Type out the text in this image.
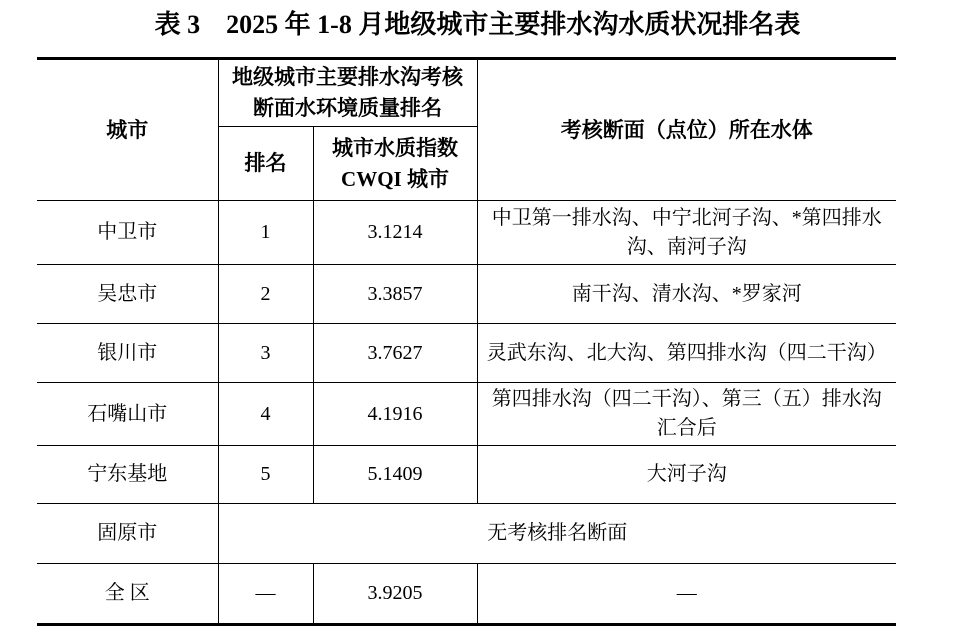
表 3　2025 年 1-8 月地级城市主要排水沟水质状况排名表
城市	地级城市主要排水沟考核断面水环境质量排名		考核断面（点位）所在水体
	排名	城市水质指数 CWQI 城市	
中卫市	1	3.1214	中卫第一排水沟、中宁北河子沟、*第四排水沟、南河子沟
吴忠市	2	3.3857	南干沟、清水沟、*罗家河
银川市	3	3.7627	灵武东沟、北大沟、第四排水沟（四二干沟）
石嘴山市	4	4.1916	第四排水沟（四二干沟）、第三（五）排水沟汇合后
宁东基地	5	5.1409	大河子沟
固原市	无考核排名断面		
全 区	—	3.9205	—
